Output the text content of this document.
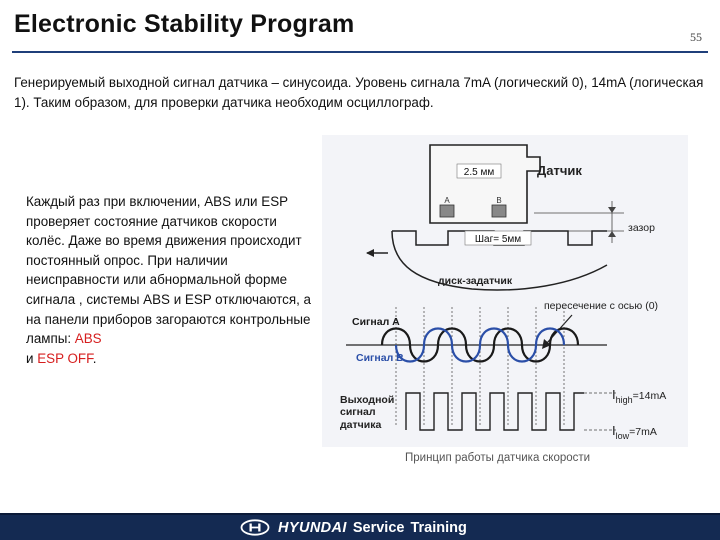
Electronic Stability Program	55

Генерируемый выходной сигнал датчика – синусоида. Уровень сигнала 7mA (логический 0), 14mA (логическая 1). Таким образом, для проверки датчика необходим осциллограф.

Каждый раз при включении, ABS или ESP проверяет состояние датчиков скорости колёс. Даже во время движения происходит постоянный опрос. При наличии неисправности или абнормальной форме сигнала , системы ABS и ESP отключаются, а на панели приборов загораются контрольные лампы: ABS
и ESP OFF.

A	B
2.5 мм	Датчик
зазор
Шаг= 5мм
диск-задатчик
пересечение с осью (0)
Сигнал А
Сигнал В
Выходной
сигнал
датчика
$I_{high}^{=14mA}$
$I_{low}^{=7mA}$
Принцип работы датчика скорости
HYUNDAI Service Training
